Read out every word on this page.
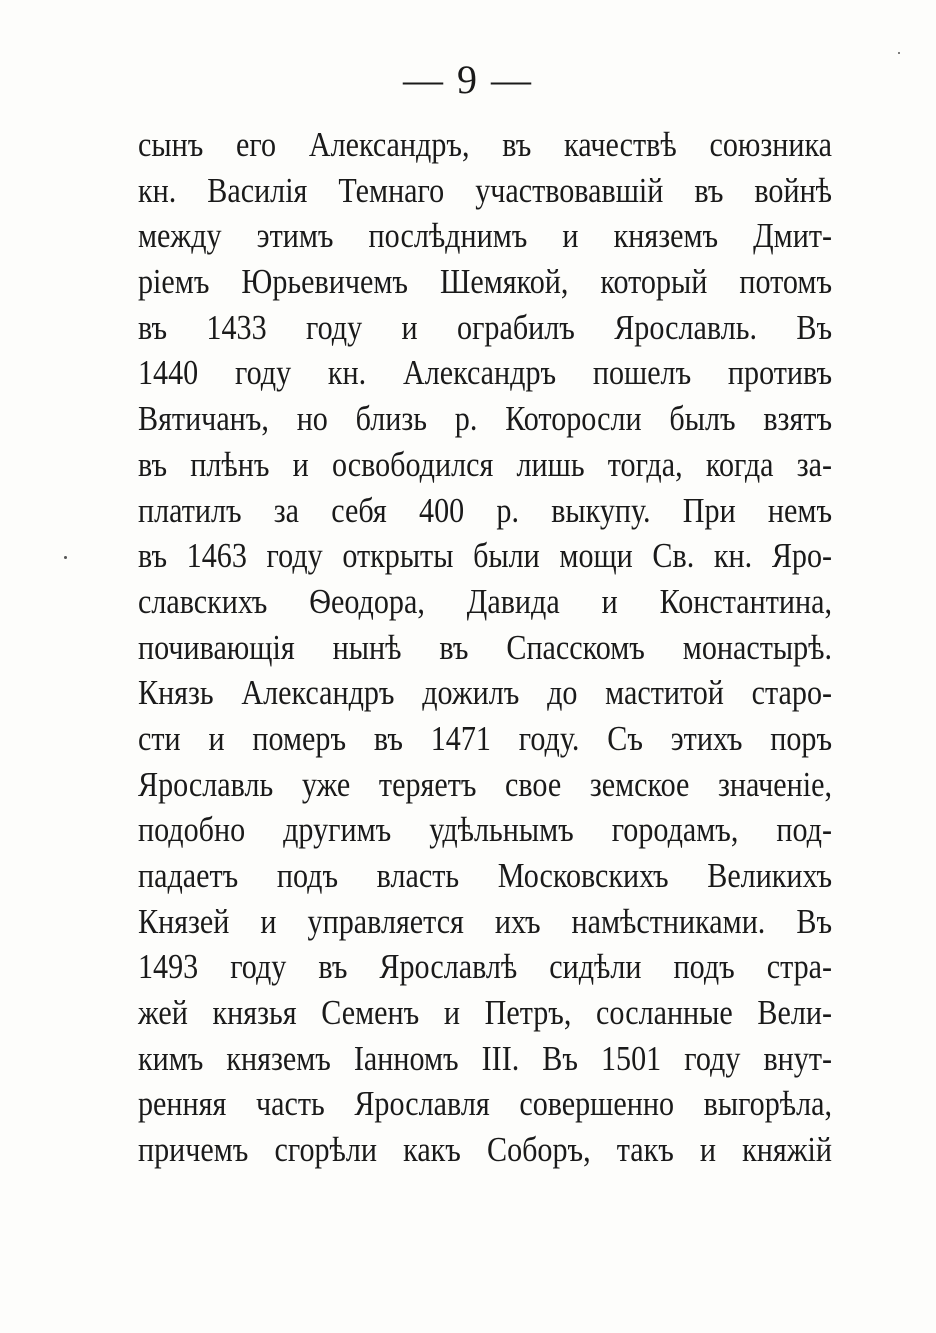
— 9 —
сынъ его Александръ, въ качествѣ союзника
кн. Василія Темнаго участвовавшій въ войнѣ
между этимъ послѣднимъ и княземъ Дмит-
ріемъ Юрьевичемъ Шемякой, который потомъ
въ 1433 году и ограбилъ Ярославль. Въ
1440 году кн. Александръ пошелъ противъ
Вятичанъ, но близь р. Которосли былъ взятъ
въ плѣнъ и освободился лишь тогда, когда за-
платилъ за себя 400 р. выкупу. При немъ
въ 1463 году открыты были мощи Св. кн. Яро-
славскихъ Ѳеодора, Давида и Константина,
почивающія нынѣ въ Спасскомъ монастырѣ.
Князь Александръ дожилъ до маститой старо-
сти и померъ въ 1471 году. Съ этихъ поръ
Ярославль уже теряетъ свое земское значеніе,
подобно другимъ удѣльнымъ городамъ, под-
падаетъ подъ власть Московскихъ Великихъ
Князей и управляется ихъ намѣстниками. Въ
1493 году въ Ярославлѣ сидѣли подъ стра-
жей князья Семенъ и Петръ, сосланные Вели-
кимъ княземъ Іанномъ III. Въ 1501 году внут-
ренняя часть Ярославля совершенно выгорѣла,
причемъ сгорѣли какъ Соборъ, такъ и княжій
